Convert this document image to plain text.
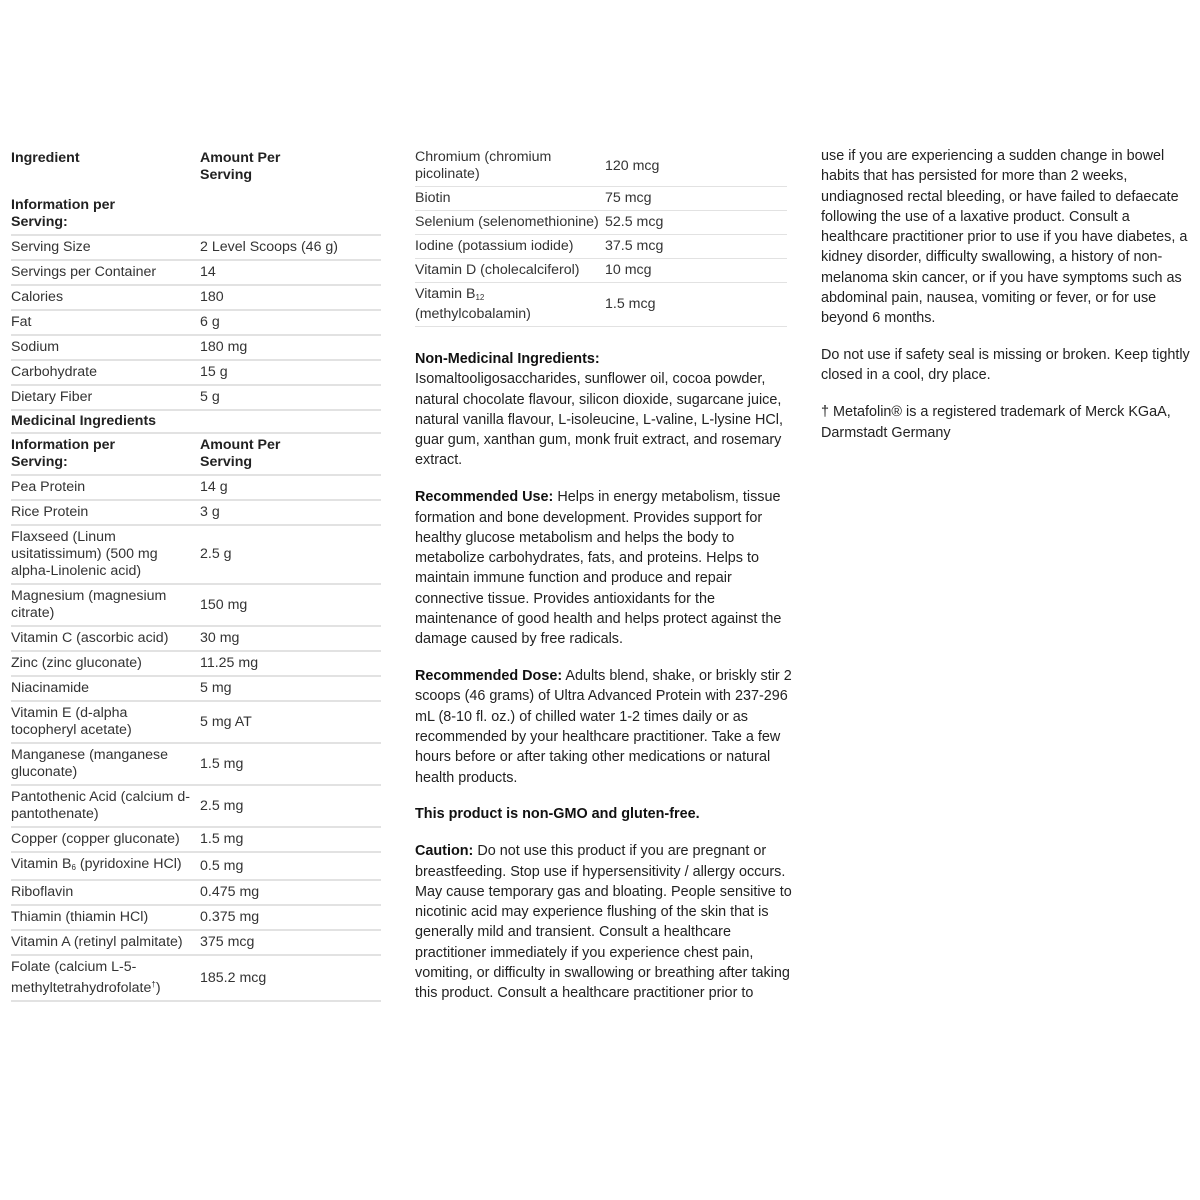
Ingredient	Amount Per Serving
Information per Serving:	
Serving Size	2 Level Scoops (46 g)
Servings per Container	14
Calories	180
Fat	6 g
Sodium	180 mg
Carbohydrate	15 g
Dietary Fiber	5 g
Medicinal Ingredients	
Information per Serving:	Amount Per Serving
Pea Protein	14 g
Rice Protein	3 g
Flaxseed (Linum usitatissimum) (500 mg alpha-Linolenic acid)	2.5 g
Magnesium (magnesium citrate)	150 mg
Vitamin C (ascorbic acid)	30 mg
Zinc (zinc gluconate)	11.25 mg
Niacinamide	5 mg
Vitamin E (d-alpha tocopheryl acetate)	5 mg AT
Manganese (manganese gluconate)	1.5 mg
Pantothenic Acid (calcium d-pantothenate)	2.5 mg
Copper (copper gluconate)	1.5 mg
Vitamin $B_6$ (pyridoxine HCl)	0.5 mg
Riboflavin	0.475 mg
Thiamin (thiamin HCl)	0.375 mg
Vitamin A (retinyl palmitate)	375 mcg
Folate (calcium L-5-methyltetrahydrofolate†)	185.2 mcg
Chromium (chromium picolinate)	120 mcg
Biotin	75 mcg
Selenium (selenomethionine)	52.5 mcg
Iodine (potassium iodide)	37.5 mcg
Vitamin D (cholecalciferol)	10 mcg
Vitamin $B_{12}$ (methylcobalamin)	1.5 mcg

Non-Medicinal Ingredients:
Isomaltooligosaccharides, sunflower oil, cocoa powder, natural chocolate flavour, silicon dioxide, sugarcane juice, natural vanilla flavour, L-isoleucine, L-valine, L-lysine HCl, guar gum, xanthan gum, monk fruit extract, and rosemary extract.

Recommended Use: Helps in energy metabolism, tissue formation and bone development. Provides support for healthy glucose metabolism and helps the body to metabolize carbohydrates, fats, and proteins. Helps to maintain immune function and produce and repair connective tissue. Provides antioxidants for the maintenance of good health and helps protect against the damage caused by free radicals.

Recommended Dose: Adults blend, shake, or briskly stir 2 scoops (46 grams) of Ultra Advanced Protein with 237-296 mL (8-10 fl. oz.) of chilled water 1-2 times daily or as recommended by your healthcare practitioner. Take a few hours before or after taking other medications or natural health products.

This product is non-GMO and gluten-free.

Caution: Do not use this product if you are pregnant or breastfeeding. Stop use if hypersensitivity / allergy occurs. May cause temporary gas and bloating. People sensitive to nicotinic acid may experience flushing of the skin that is generally mild and transient. Consult a healthcare practitioner immediately if you experience chest pain, vomiting, or difficulty in swallowing or breathing after taking this product. Consult a healthcare practitioner prior to

use if you are experiencing a sudden change in bowel habits that has persisted for more than 2 weeks, undiagnosed rectal bleeding, or have failed to defaecate following the use of a laxative product. Consult a healthcare practitioner prior to use if you have diabetes, a kidney disorder, difficulty swallowing, a history of non-melanoma skin cancer, or if you have symptoms such as abdominal pain, nausea, vomiting or fever, or for use beyond 6 months.

Do not use if safety seal is missing or broken. Keep tightly closed in a cool, dry place.

† Metafolin® is a registered trademark of Merck KGaA, Darmstadt Germany
